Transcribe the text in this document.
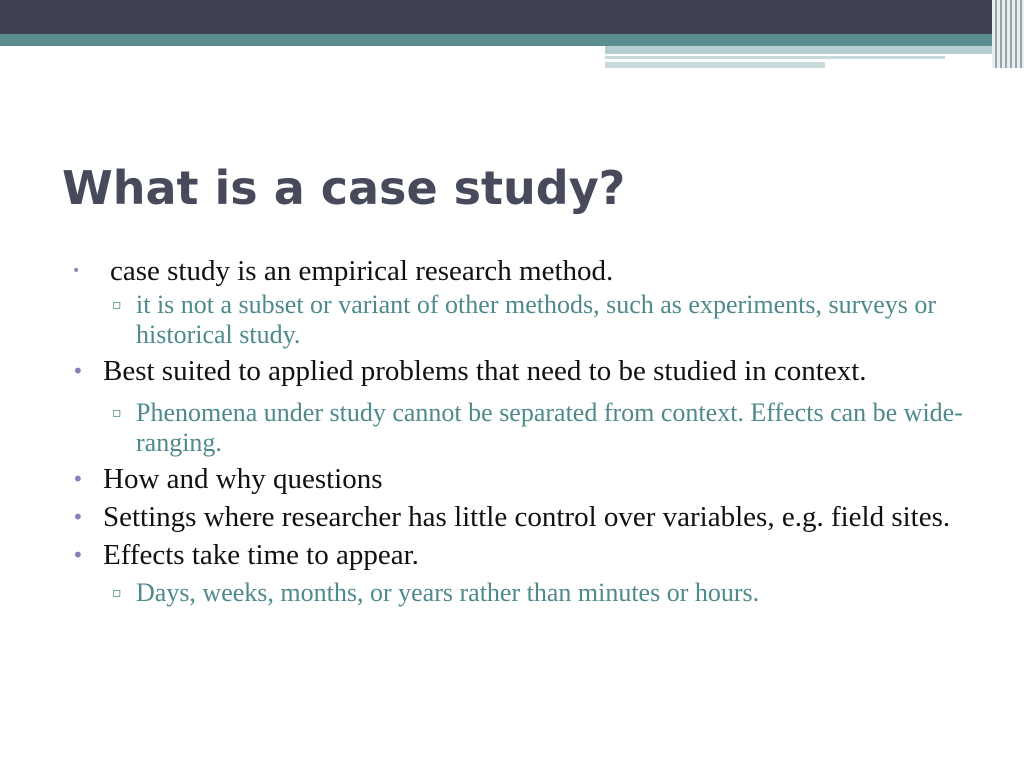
What is a case study?
• case study is an empirical research method.
▫ it is not a subset or variant of other methods, such as experiments, surveys or historical study.
• Best suited to applied problems that need to be studied in context.
▫ Phenomena under study cannot be separated from context. Effects can be wide-ranging.
• How and why questions
• Settings where researcher has little control over variables, e.g. field sites.
• Effects take time to appear.
▫ Days, weeks, months, or years rather than minutes or hours.
